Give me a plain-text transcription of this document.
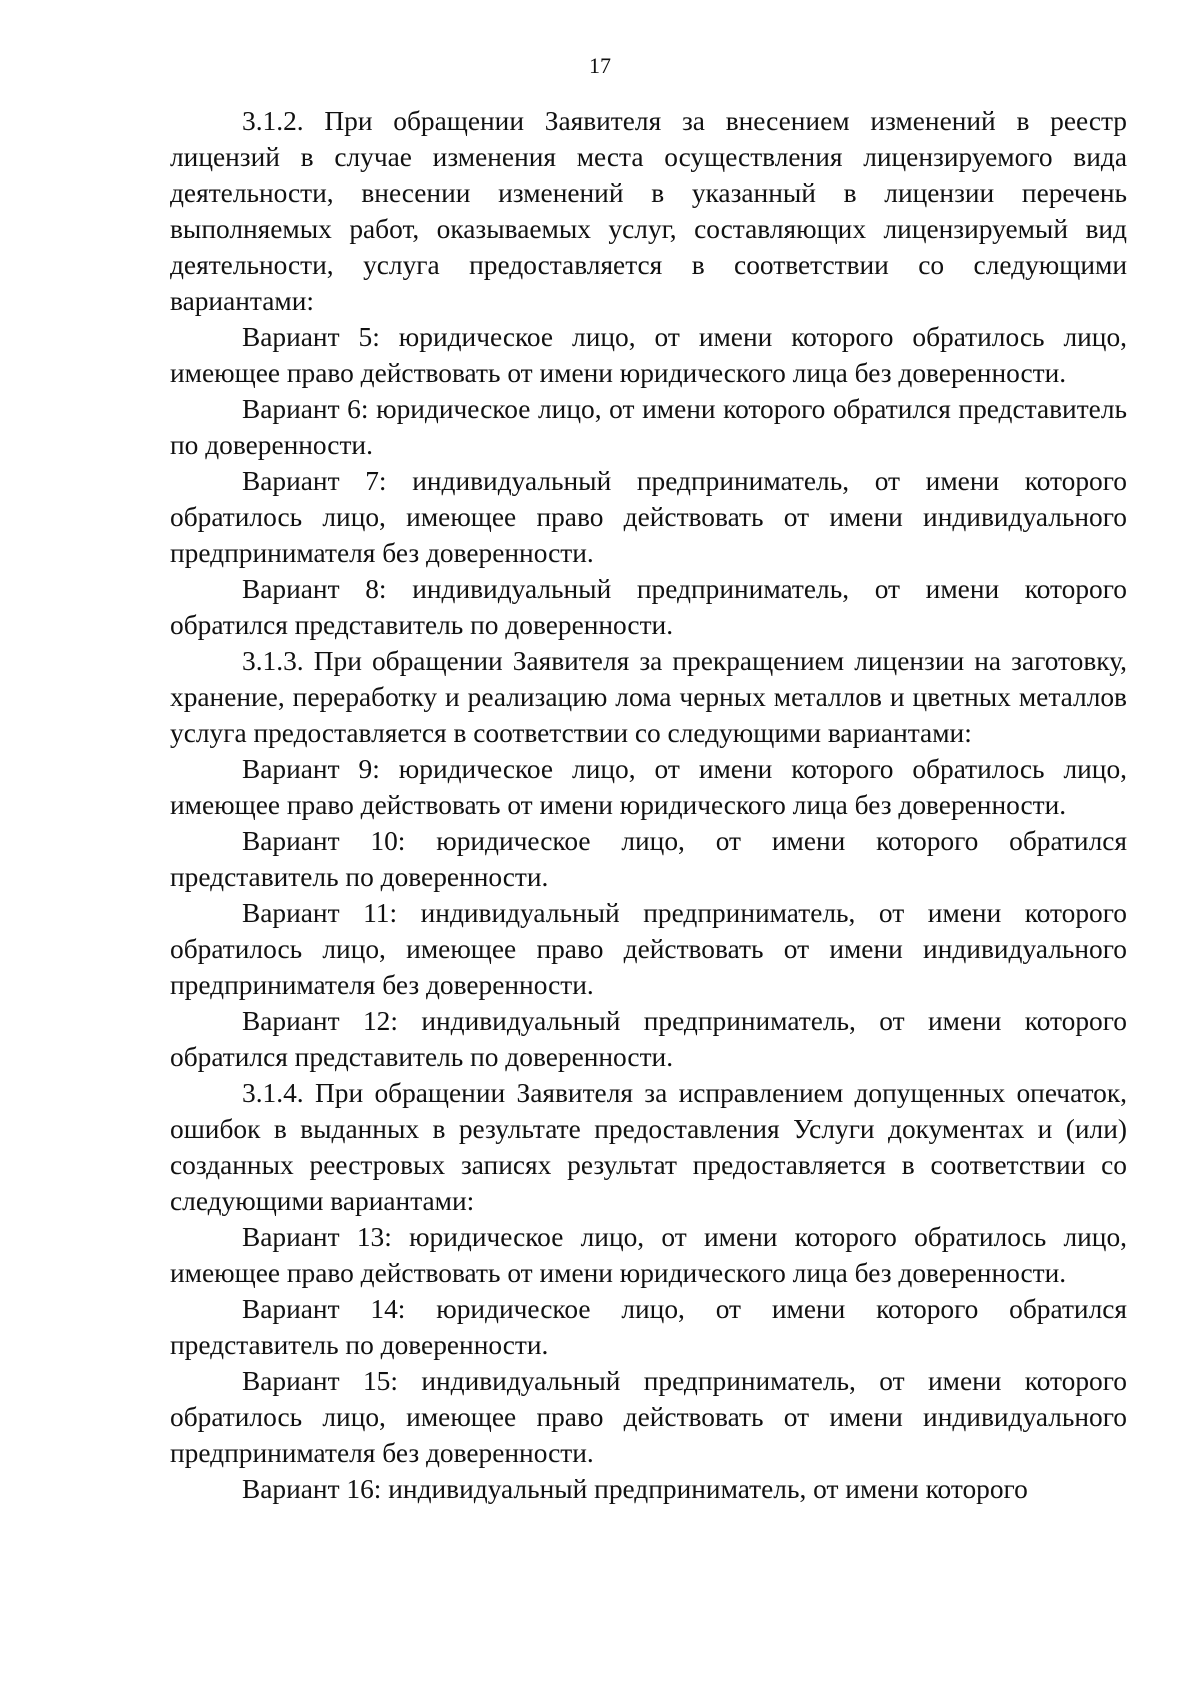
17

3.1.2. При обращении Заявителя за внесением изменений в реестр лицензий в случае изменения места осуществления лицензируемого вида деятельности, внесении изменений в указанный в лицензии перечень выполняемых работ, оказываемых услуг, составляющих лицензируемый вид деятельности, услуга предоставляется в соответствии со следующими вариантами:

Вариант 5: юридическое лицо, от имени которого обратилось лицо, имеющее право действовать от имени юридического лица без доверенности.

Вариант 6: юридическое лицо, от имени которого обратился представитель по доверенности.

Вариант 7: индивидуальный предприниматель, от имени которого обратилось лицо, имеющее право действовать от имени индивидуального предпринимателя без доверенности.

Вариант 8: индивидуальный предприниматель, от имени которого обратился представитель по доверенности.

3.1.3. При обращении Заявителя за прекращением лицензии на заготовку, хранение, переработку и реализацию лома черных металлов и цветных металлов услуга предоставляется в соответствии со следующими вариантами:

Вариант 9: юридическое лицо, от имени которого обратилось лицо, имеющее право действовать от имени юридического лица без доверенности.

Вариант 10: юридическое лицо, от имени которого обратился представитель по доверенности.

Вариант 11: индивидуальный предприниматель, от имени которого обратилось лицо, имеющее право действовать от имени индивидуального предпринимателя без доверенности.

Вариант 12: индивидуальный предприниматель, от имени которого обратился представитель по доверенности.

3.1.4. При обращении Заявителя за исправлением допущенных опечаток, ошибок в выданных в результате предоставления Услуги документах и (или) созданных реестровых записях результат предоставляется в соответствии со следующими вариантами:

Вариант 13: юридическое лицо, от имени которого обратилось лицо, имеющее право действовать от имени юридического лица без доверенности.

Вариант 14: юридическое лицо, от имени которого обратился представитель по доверенности.

Вариант 15: индивидуальный предприниматель, от имени которого обратилось лицо, имеющее право действовать от имени индивидуального предпринимателя без доверенности.

Вариант 16: индивидуальный предприниматель, от имени которого
